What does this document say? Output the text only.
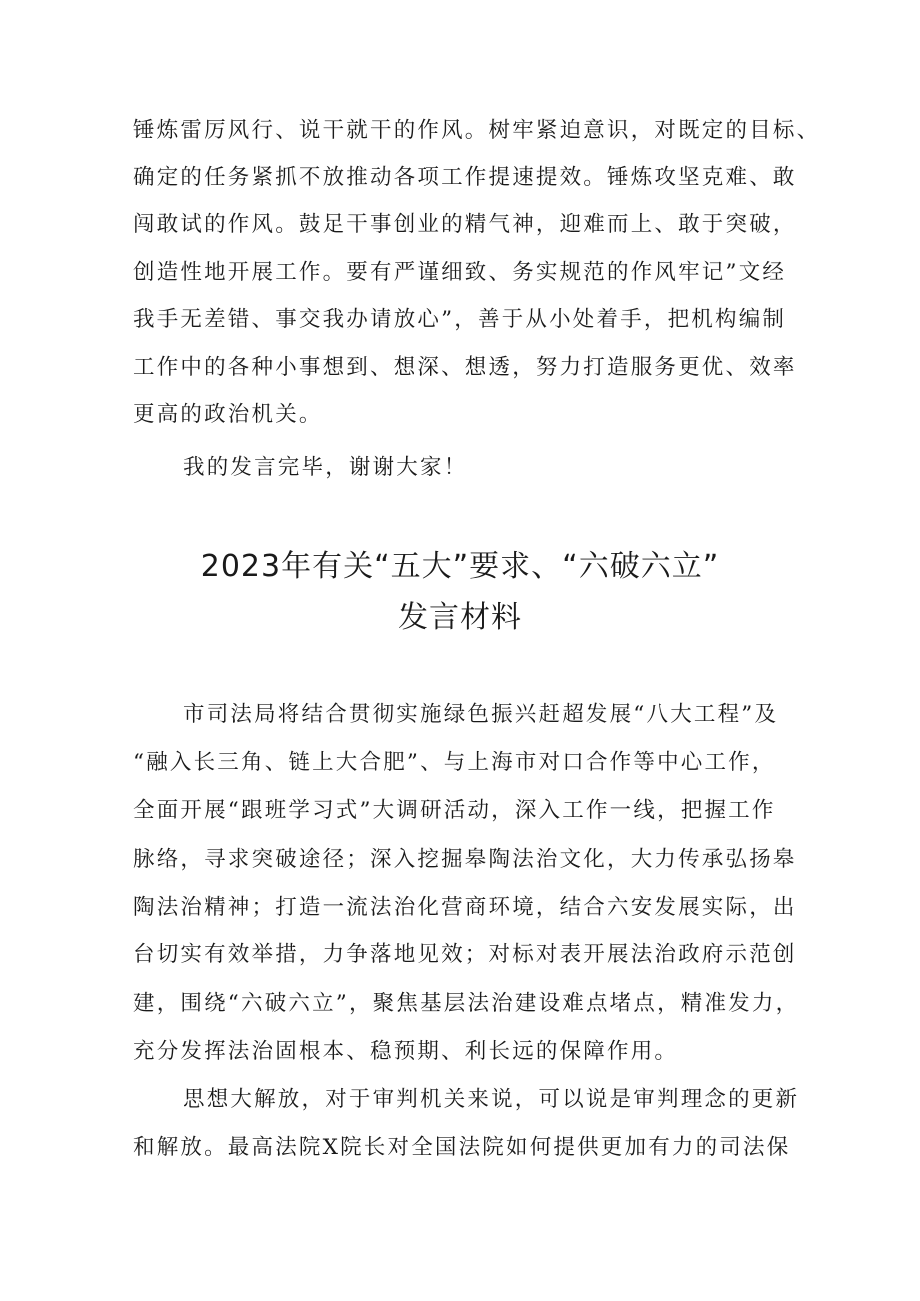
锤炼雷厉风行、说干就干的作风。树牢紧迫意识，对既定的目标、
确定的任务紧抓不放推动各项工作提速提效。锤炼攻坚克难、敢
闯敢试的作风。鼓足干事创业的精气神，迎难而上、敢于突破，
创造性地开展工作。要有严谨细致、务实规范的作风牢记”文经
我手无差错、事交我办请放心”，善于从小处着手，把机构编制
工作中的各种小事想到、想深、想透，努力打造服务更优、效率
更高的政治机关。
我的发言完毕，谢谢大家！
2023年有关“五大”要求、“六破六立”
发言材料
市司法局将结合贯彻实施绿色振兴赶超发展“八大工程”及
“融入长三角、链上大合肥”、与上海市对口合作等中心工作，
全面开展“跟班学习式”大调研活动，深入工作一线，把握工作
脉络，寻求突破途径；深入挖掘皋陶法治文化，大力传承弘扬皋
陶法治精神；打造一流法治化营商环境，结合六安发展实际，出
台切实有效举措，力争落地见效；对标对表开展法治政府示范创
建，围绕“六破六立”，聚焦基层法治建设难点堵点，精准发力，
充分发挥法治固根本、稳预期、利长远的保障作用。
思想大解放，对于审判机关来说，可以说是审判理念的更新
和解放。最高法院X院长对全国法院如何提供更加有力的司法保
